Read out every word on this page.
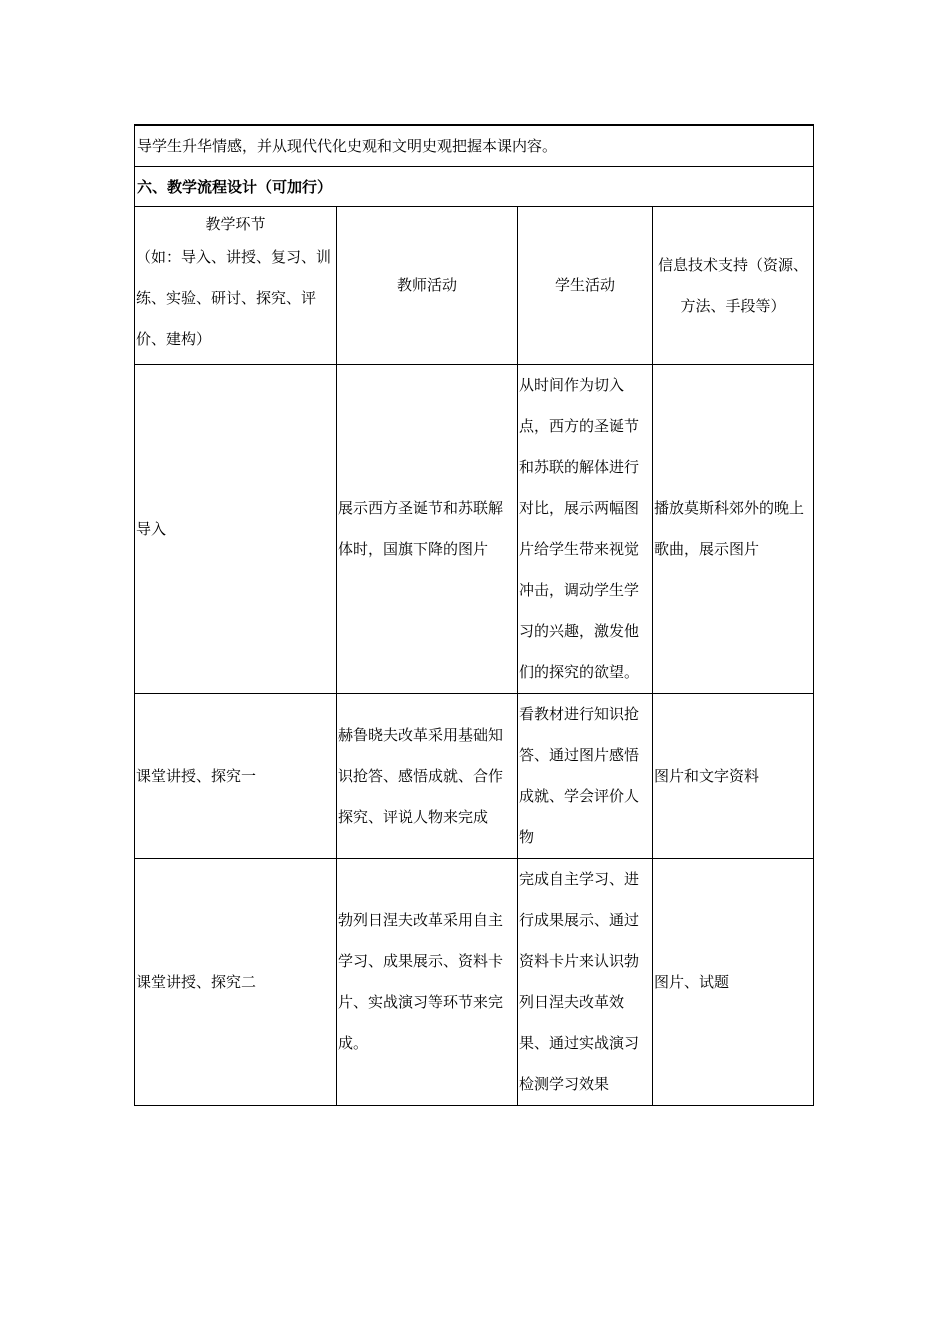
导学生升华情感，并从现代代化史观和文明史观把握本课内容。			
六、教学流程设计（可加行）			

教学环节
（如：导入、讲授、复习、训练、实验、研讨、探究、评价、建构）	教师活动	学生活动	信息技术支持（资源、方法、手段等）
导入	展示西方圣诞节和苏联解体时，国旗下降的图片	从时间作为切入点，西方的圣诞节和苏联的解体进行对比，展示两幅图片给学生带来视觉冲击，调动学生学习的兴趣，激发他们的探究的欲望。	播放莫斯科郊外的晚上歌曲，展示图片
课堂讲授、探究一	赫鲁晓夫改革采用基础知识抢答、感悟成就、合作探究、评说人物来完成	看教材进行知识抢答、通过图片感悟成就、学会评价人物	图片和文字资料
课堂讲授、探究二	勃列日涅夫改革采用自主学习、成果展示、资料卡片、实战演习等环节来完成。	完成自主学习、进行成果展示、通过资料卡片来认识勃列日涅夫改革效果、通过实战演习检测学习效果	图片、试题
